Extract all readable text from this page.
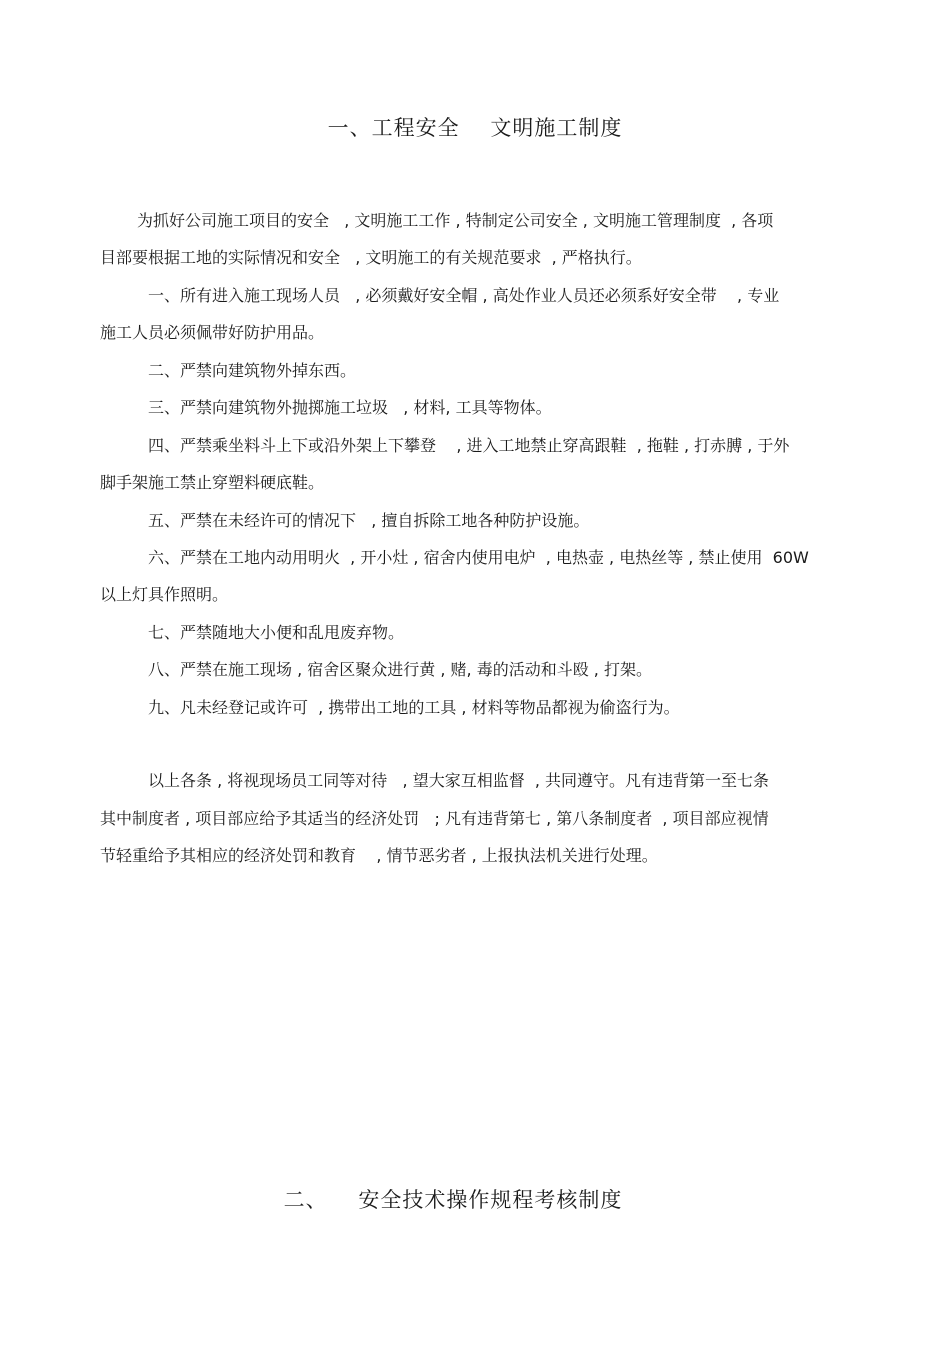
一、工程安全    文明施工制度

为抓好公司施工项目的安全   , 文明施工工作 , 特制定公司安全 , 文明施工管理制度  , 各项

目部要根据工地的实际情况和安全   , 文明施工的有关规范要求  , 严格执行。

一、所有进入施工现场人员   , 必须戴好安全帽 , 高处作业人员还必须系好安全带    , 专业

施工人员必须佩带好防护用品。

二、严禁向建筑物外掉东西。

三、严禁向建筑物外抛掷施工垃圾   , 材料, 工具等物体。

四、严禁乘坐料斗上下或沿外架上下攀登    , 进入工地禁止穿高跟鞋  , 拖鞋 , 打赤膊 , 于外

脚手架施工禁止穿塑料硬底鞋。

五、严禁在未经许可的情况下   , 擅自拆除工地各种防护设施。

六、严禁在工地内动用明火  , 开小灶 , 宿舍内使用电炉  , 电热壶 , 电热丝等 , 禁止使用  60W

以上灯具作照明。

七、严禁随地大小便和乱甩废弃物。

八、严禁在施工现场 , 宿舍区聚众进行黄 , 赌, 毒的活动和斗殴 , 打架。

九、凡未经登记或许可  , 携带出工地的工具 , 材料等物品都视为偷盗行为。

以上各条 , 将视现场员工同等对待   , 望大家互相监督  , 共同遵守。凡有违背第一至七条

其中制度者 , 项目部应给予其适当的经济处罚   ; 凡有违背第七 , 第八条制度者  , 项目部应视情

节轻重给予其相应的经济处罚和教育    , 情节恶劣者 , 上报执法机关进行处理。

二、    安全技术操作规程考核制度
